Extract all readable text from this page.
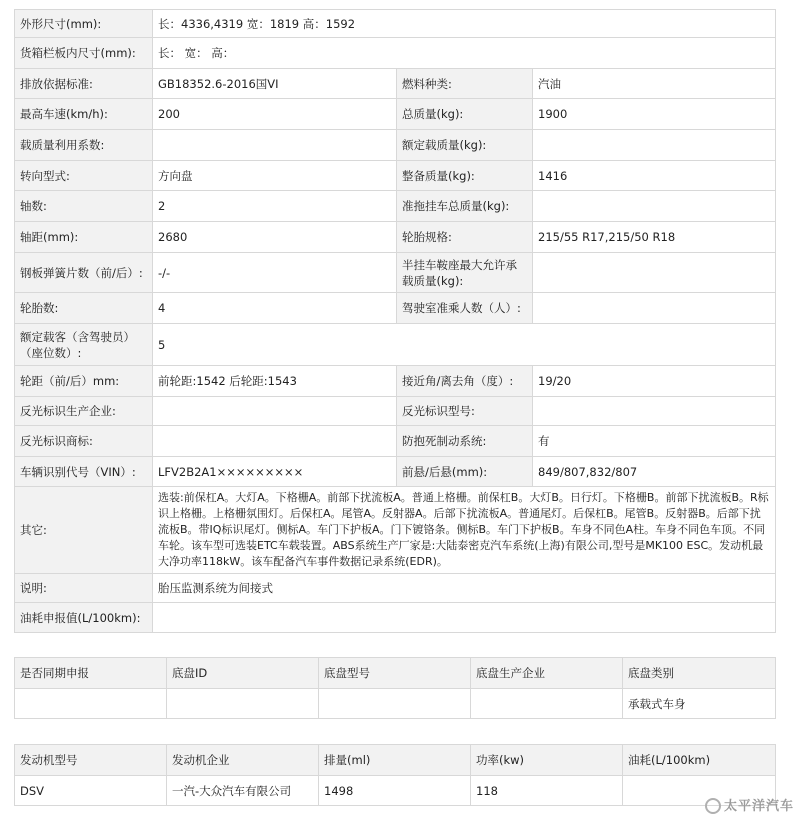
外形尺寸(mm):	长：4336,4319 宽：1819 高：1592		
货箱栏板内尺寸(mm):	长： 宽： 高：		
排放依据标准:	GB18352.6-2016国VI	燃料种类:	汽油
最高车速(km/h):	200	总质量(kg):	1900
载质量利用系数:		额定载质量(kg):	
转向型式:	方向盘	整备质量(kg):	1416
轴数:	2	准拖挂车总质量(kg):	
轴距(mm):	2680	轮胎规格:	215/55 R17,215/50 R18
钢板弹簧片数（前/后）:	-/-	半挂车鞍座最大允许承载质量(kg):	
轮胎数:	4	驾驶室准乘人数（人）:	
额定载客（含驾驶员）（座位数）:	5		
轮距（前/后）mm:	前轮距:1542 后轮距:1543	接近角/离去角（度）:	19/20
反光标识生产企业:		反光标识型号:	
反光标识商标:		防抱死制动系统:	有
车辆识别代号（VIN）:	LFV2B2A1×××××××××	前悬/后悬(mm):	849/807,832/807
其它:	选装:前保杠A。大灯A。下格栅A。前部下扰流板A。普通上格栅。前保杠B。大灯B。日行灯。下格栅B。前部下扰流板B。R标识上格栅。上格栅氛围灯。后保杠A。尾管A。反射器A。后部下扰流板A。普通尾灯。后保杠B。尾管B。反射器B。后部下扰流板B。带IQ标识尾灯。侧标A。车门下护板A。门下镀铬条。侧标B。车门下护板B。车身不同色A柱。车身不同色车顶。不同车轮。该车型可选装ETC车载装置。ABS系统生产厂家是:大陆泰密克汽车系统(上海)有限公司,型号是MK100 ESC。发动机最大净功率118kW。该车配备汽车事件数据记录系统(EDR)。		
说明:	胎压监测系统为间接式		
油耗申报值(L/100km):			
是否同期申报	底盘ID	底盘型号	底盘生产企业	底盘类别
				承载式车身
发动机型号	发动机企业	排量(ml)	功率(kw)	油耗(L/100km)
DSV	一汽-大众汽车有限公司	1498	118	
太平洋汽车
